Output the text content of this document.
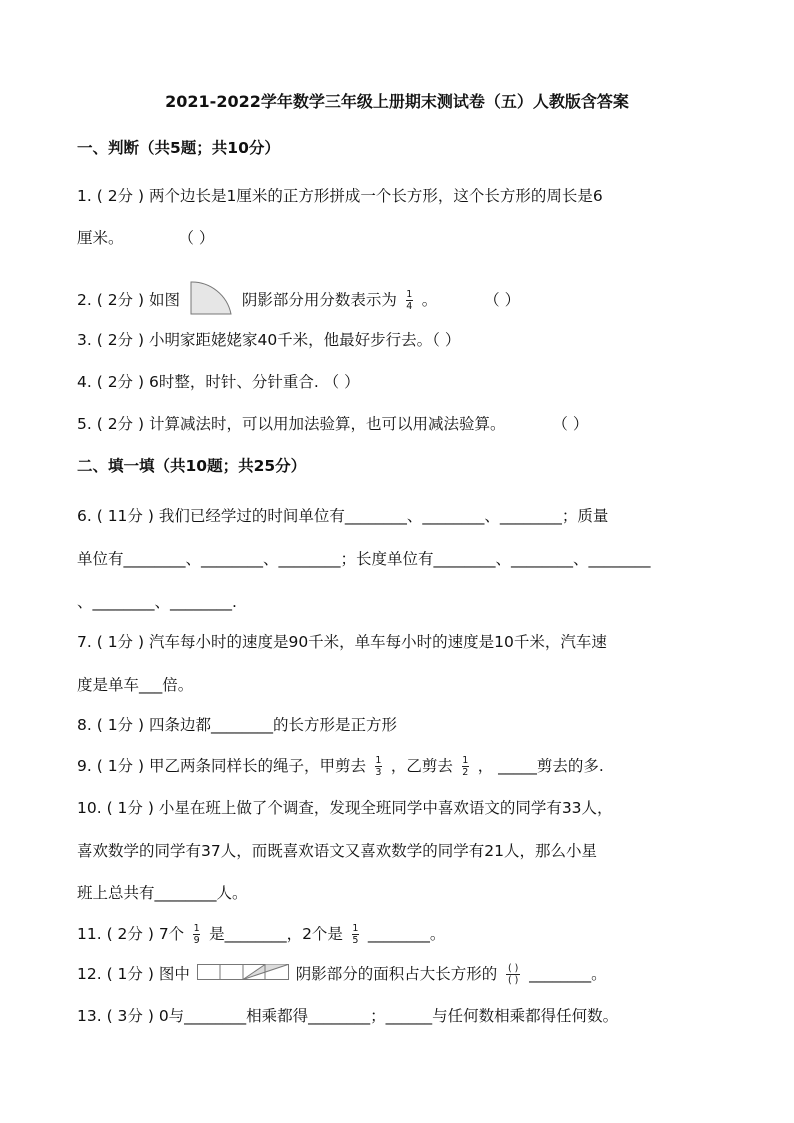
2021-2022学年数学三年级上册期末测试卷（五）人教版含答案
一、判断（共5题；共10分）
1. ( 2分 ) 两个边长是1厘米的正方形拼成一个长方形，这个长方形的周长是6
厘米。	（ ）
2. ( 2分 ) 如图	阴影部分用分数表示为 $\frac{1}{4}$ 。	（ ）
3. ( 2分 ) 小明家距姥姥家40千米，他最好步行去。（ ）
4. ( 2分 ) 6时整，时针、分针重合. （ ）
5. ( 2分 ) 计算减法时，可以用加法验算，也可以用减法验算。	（ ）
二、填一填（共10题；共25分）
6. ( 11分 ) 我们已经学过的时间单位有________、________、________；质量
单位有________、________、________；长度单位有________、________、________
、________、________.
7. ( 1分 ) 汽车每小时的速度是90千米，单车每小时的速度是10千米，汽车速
度是单车___倍。
8. ( 1分 ) 四条边都________的长方形是正方形
9. ( 1分 ) 甲乙两条同样长的绳子，甲剪去 $\frac{1}{3}$ ，乙剪去 $\frac{1}{2}$ ， _____剪去的多.
10. ( 1分 ) 小星在班上做了个调查，发现全班同学中喜欢语文的同学有33人，
喜欢数学的同学有37人，而既喜欢语文又喜欢数学的同学有21人，那么小星
班上总共有________人。
11. ( 2分 ) 7个 $\frac{1}{9}$ 是________，2个是 $\frac{1}{5}$ ________。
12. ( 1分 ) 图中	阴影部分的面积占大长方形的 $\frac{( )}{( )}$ ________。
13. ( 3分 ) 0与________相乘都得________；______与任何数相乘都得任何数。
